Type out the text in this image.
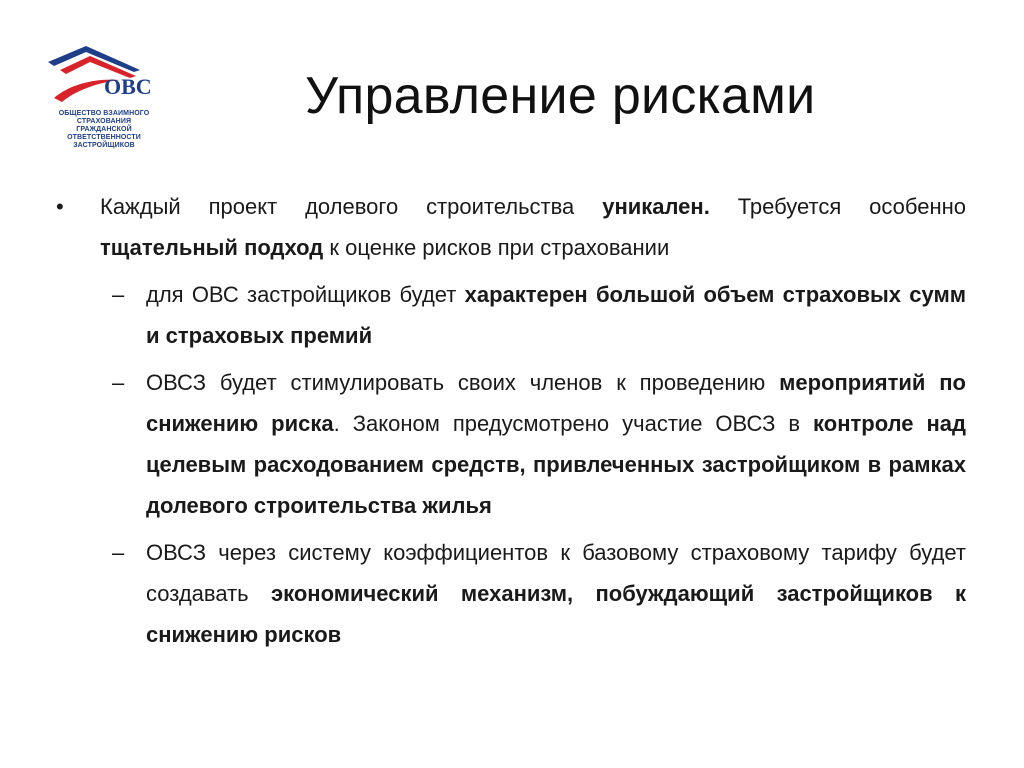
ОВС
ОБЩЕСТВО ВЗАИМНОГО СТРАХОВАНИЯ
ГРАЖДАНСКОЙ ОТВЕТСТВЕННОСТИ
ЗАСТРОЙЩИКОВ
Управление рисками
•	Каждый проект долевого строительства уникален. Требуется особенно тщательный подход к оценке рисков при страховании
– для ОВС застройщиков будет характерен большой объем страховых сумм и страховых премий
– ОВСЗ будет стимулировать своих членов к проведению мероприятий по снижению риска. Законом предусмотрено участие ОВСЗ в контроле над целевым расходованием средств, привлеченных застройщиком в рамках долевого строительства жилья
– ОВСЗ через систему коэффициентов к базовому страховому тарифу будет создавать экономический механизм, побуждающий застройщиков к снижению рисков
